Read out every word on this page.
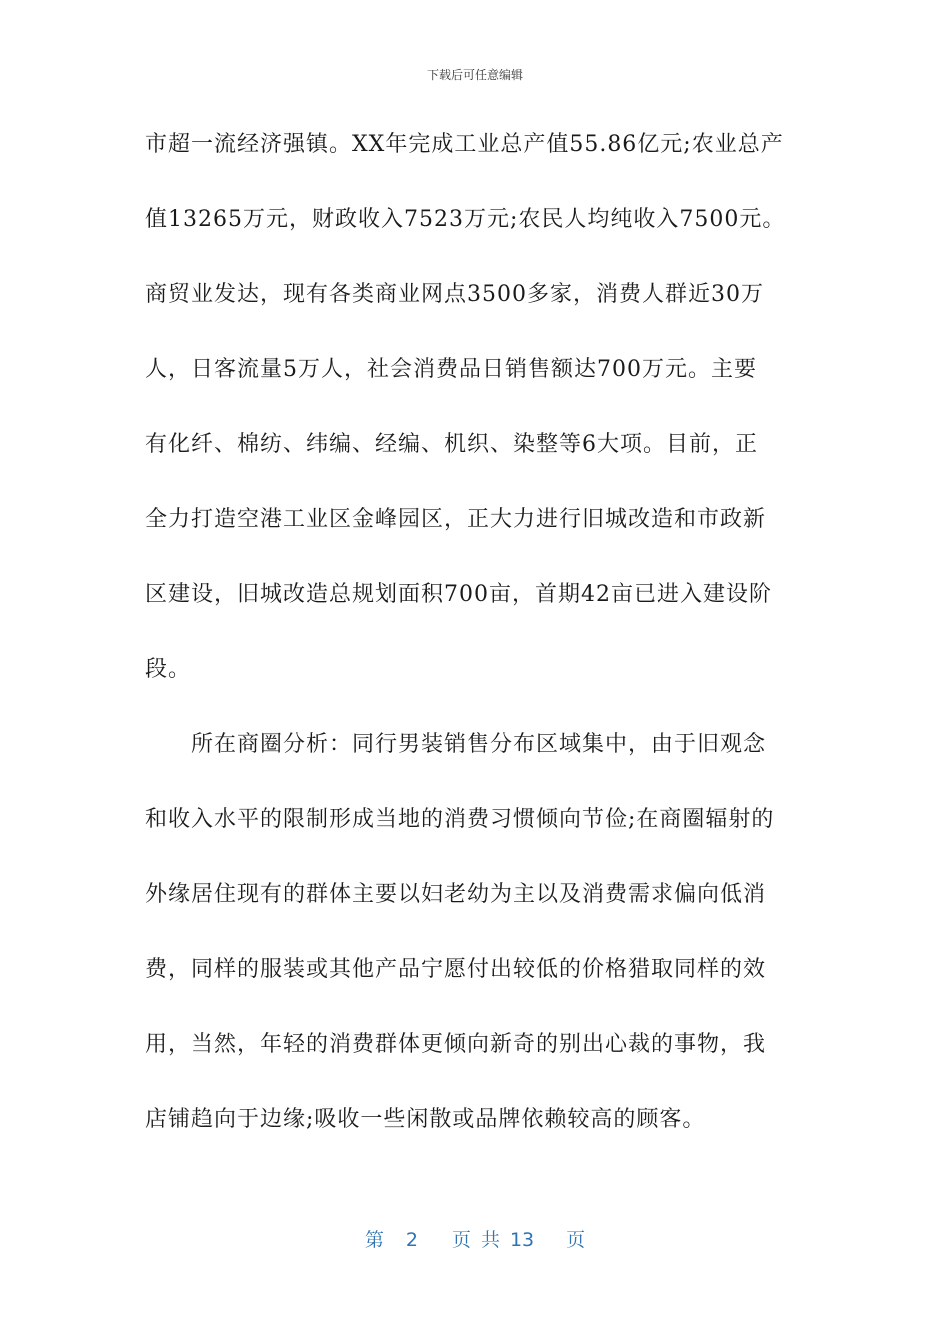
下载后可任意编辑
市超一流经济强镇。XX年完成工业总产值55.86亿元;农业总产
值13265万元，财政收入7523万元;农民人均纯收入7500元。
商贸业发达，现有各类商业网点3500多家，消费人群近30万
人，日客流量5万人，社会消费品日销售额达700万元。主要
有化纤、棉纺、纬编、经编、机织、染整等6大项。目前，正
全力打造空港工业区金峰园区，正大力进行旧城改造和市政新
区建设，旧城改造总规划面积700亩，首期42亩已进入建设阶
段。
所在商圈分析：同行男装销售分布区域集中，由于旧观念
和收入水平的限制形成当地的消费习惯倾向节俭;在商圈辐射的
外缘居住现有的群体主要以妇老幼为主以及消费需求偏向低消
费，同样的服装或其他产品宁愿付出较低的价格猎取同样的效
用，当然，年轻的消费群体更倾向新奇的别出心裁的事物，我
店铺趋向于边缘;吸收一些闲散或品牌依赖较高的顾客。
第 2 页 共 13 页
